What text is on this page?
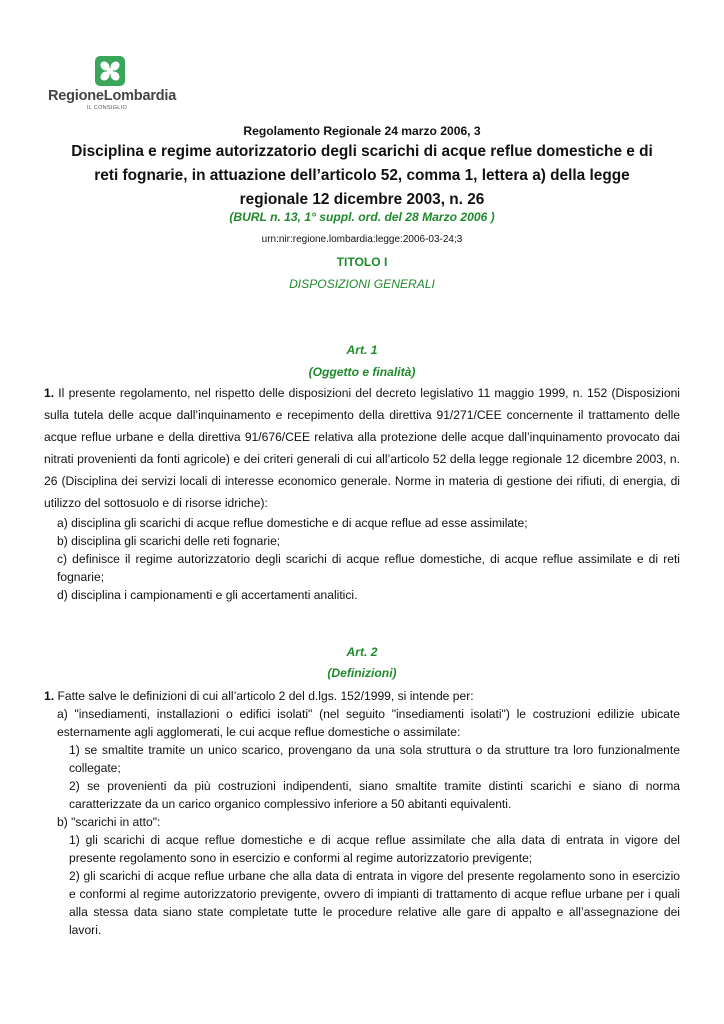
RegioneLombardia
IL CONSIGLIO
Regolamento Regionale 24 marzo 2006, 3
Disciplina e regime autorizzatorio degli scarichi di acque reflue domestiche e di reti fognarie, in attuazione dell’articolo 52, comma 1, lettera a) della legge regionale 12 dicembre 2003, n. 26
(BURL n. 13, 1° suppl. ord. del 28 Marzo 2006 )
urn:nir:regione.lombardia:legge:2006-03-24;3
TITOLO I
DISPOSIZIONI GENERALI
Art. 1
(Oggetto e finalità)
1. Il presente regolamento, nel rispetto delle disposizioni del decreto legislativo 11 maggio 1999, n. 152 (Disposizioni sulla tutela delle acque dall’inquinamento e recepimento della direttiva 91/271/CEE concernente il trattamento delle acque reflue urbane e della direttiva 91/676/CEE relativa alla protezione delle acque dall’inquinamento provocato dai nitrati provenienti da fonti agricole) e dei criteri generali di cui all’articolo 52 della legge regionale 12 dicembre 2003, n. 26 (Disciplina dei servizi locali di interesse economico generale. Norme in materia di gestione dei rifiuti, di energia, di utilizzo del sottosuolo e di risorse idriche):
a) disciplina gli scarichi di acque reflue domestiche e di acque reflue ad esse assimilate;
b) disciplina gli scarichi delle reti fognarie;
c) definisce il regime autorizzatorio degli scarichi di acque reflue domestiche, di acque reflue assimilate e di reti fognarie;
d) disciplina i campionamenti e gli accertamenti analitici.
Art. 2
(Definizioni)
1. Fatte salve le definizioni di cui all’articolo 2 del d.lgs. 152/1999, si intende per:
a) "insediamenti, installazioni o edifici isolati" (nel seguito "insediamenti isolati") le costruzioni edilizie ubicate esternamente agli agglomerati, le cui acque reflue domestiche o assimilate:
1) se smaltite tramite un unico scarico, provengano da una sola struttura o da strutture tra loro funzionalmente collegate;
2) se provenienti da più costruzioni indipendenti, siano smaltite tramite distinti scarichi e siano di norma caratterizzate da un carico organico complessivo inferiore a 50 abitanti equivalenti.
b) "scarichi in atto":
1) gli scarichi di acque reflue domestiche e di acque reflue assimilate che alla data di entrata in vigore del presente regolamento sono in esercizio e conformi al regime autorizzatorio previgente;
2) gli scarichi di acque reflue urbane che alla data di entrata in vigore del presente regolamento sono in esercizio e conformi al regime autorizzatorio previgente, ovvero di impianti di trattamento di acque reflue urbane per i quali alla stessa data siano state completate tutte le procedure relative alle gare di appalto e all’assegnazione dei lavori.
